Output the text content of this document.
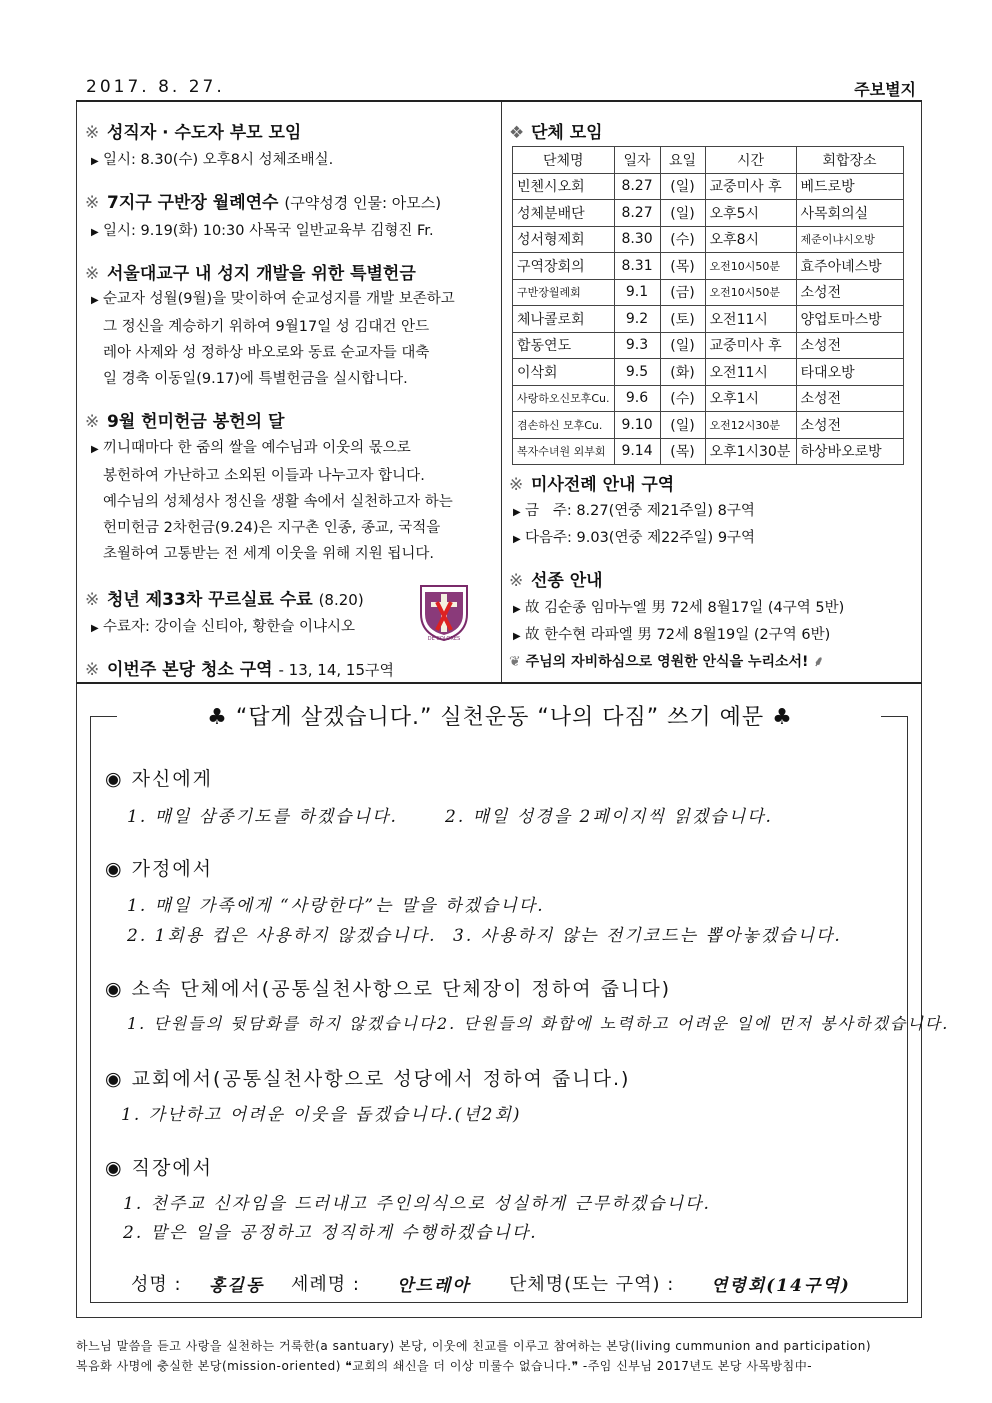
2017. 8. 27.	주보별지
※ 성직자 · 수도자 부모 모임
▶ 일시: 8.30(수) 오후8시 성체조배실.
※ 7지구 구반장 월례연수 (구약성경 인물: 아모스)
▶ 일시: 9.19(화) 10:30 사목국 일반교육부 김형진 Fr.
※ 서울대교구 내 성지 개발을 위한 특별헌금
▶ 순교자 성월(9월)을 맞이하여 순교성지를 개발 보존하고
그 정신을 계승하기 위하여 9월17일 성 김대건 안드
레아 사제와 성 정하상 바오로와 동료 순교자들 대축
일 경축 이동일(9.17)에 특별헌금을 실시합니다.
※ 9월 헌미헌금 봉헌의 달
▶ 끼니때마다 한 줌의 쌀을 예수님과 이웃의 몫으로
봉헌하여 가난하고 소외된 이들과 나누고자 합니다.
예수님의 성체성사 정신을 생활 속에서 실천하고자 하는
헌미헌금 2차헌금(9.24)은 지구촌 인종, 종교, 국적을
초월하여 고통받는 전 세계 이웃을 위해 지원 됩니다.
※ 청년 제33차 꾸르실료 수료 (8.20)
▶ 수료자: 강이슬 신티아, 황한슬 이냐시오
DE COLORES
※ 이번주 본당 청소 구역 - 13, 14, 15구역
❖ 단체 모임
단체명	일자	요일	시간	회합장소
빈첸시오회	8.27	(일)	교중미사 후	베드로방
성체분배단	8.27	(일)	오후5시	사목회의실
성서형제회	8.30	(수)	오후8시	제준이냐시오방
구역장회의	8.31	(목)	오전10시50분	효주아녜스방
구반장월례회	9.1	(금)	오전10시50분	소성전
체나콜로회	9.2	(토)	오전11시	양업토마스방
합동연도	9.3	(일)	교중미사 후	소성전
이삭회	9.5	(화)	오전11시	타대오방
사랑하오신모후Cu.	9.6	(수)	오후1시	소성전
겸손하신 모후Cu.	9.10	(일)	오전12시30분	소성전
복자수녀원 외부회	9.14	(목)	오후1시30분	하상바오로방
※ 미사전례 안내 구역
▶ 금   주: 8.27(연중 제21주일) 8구역
▶ 다음주: 9.03(연중 제22주일) 9구역
※ 선종 안내
▶ 故 김순종 임마누엘 男 72세 8월17일 (4구역 5반)
▶ 故 한수현 라파엘 男 72세 8월19일 (2구역 6반)
❦ 주님의 자비하심으로 영원한 안식을 누리소서! ⸙
♣ “답게 살겠습니다.” 실천운동 “나의 다짐” 쓰기 예문 ♣
◉ 자신에게
1. 매일 삼종기도를 하겠습니다.	2. 매일 성경을 2페이지씩 읽겠습니다.
◉ 가정에서
1. 매일 가족에게 “사랑한다”는 말을 하겠습니다.
2. 1회용 컵은 사용하지 않겠습니다. 3. 사용하지 않는 전기코드는 뽑아놓겠습니다.
◉ 소속 단체에서(공통실천사항으로 단체장이 정하여 줍니다)
1. 단원들의 뒷담화를 하지 않겠습니다.
2. 단원들의 화합에 노력하고 어려운 일에 먼저 봉사하겠습니다.
◉ 교회에서(공통실천사항으로 성당에서 정하여 줍니다.)
1. 가난하고 어려운 이웃을 돕겠습니다.(년2회)
◉ 직장에서
1. 천주교 신자임을 드러내고 주인의식으로 성실하게 근무하겠습니다.
2. 맡은 일을 공정하고 정직하게 수행하겠습니다.
성명 : 홍길동 세례명 : 안드레아 단체명(또는 구역) : 연령회(14구역)
하느님 말씀을 듣고 사랑을 실천하는 거룩한(a santuary) 본당, 이웃에 친교를 이루고 참여하는 본당(living cummunion and participation)
복음화 사명에 충실한 본당(mission-oriented) ❝교회의 쇄신을 더 이상 미룰수 없습니다.❞ -주임 신부님 2017년도 본당 사목방침中-
